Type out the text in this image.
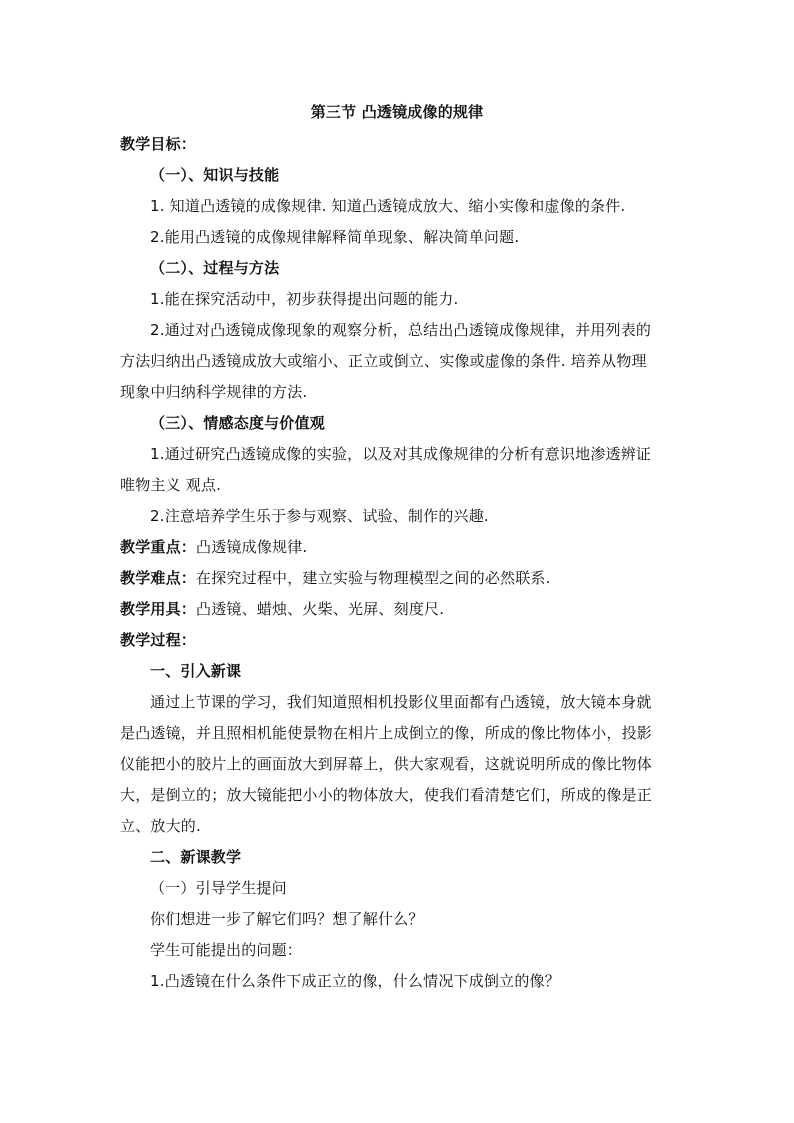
第三节 凸透镜成像的规律
教学目标：
（一）、知识与技能
1. 知道凸透镜的成像规律. 知道凸透镜成放大、缩小实像和虚像的条件.
2.能用凸透镜的成像规律解释简单现象、解决简单问题.
（二）、过程与方法
1.能在探究活动中，初步获得提出问题的能力.
2.通过对凸透镜成像现象的观察分析，总结出凸透镜成像规律，并用列表的
方法归纳出凸透镜成放大或缩小、正立或倒立、实像或虚像的条件. 培养从物理
现象中归纳科学规律的方法.
（三）、情感态度与价值观
1.通过研究凸透镜成像的实验，以及对其成像规律的分析有意识地渗透辨证
唯物主义 观点.
2.注意培养学生乐于参与观察、试验、制作的兴趣.
教学重点：凸透镜成像规律.
教学难点：在探究过程中，建立实验与物理模型之间的必然联系.
教学用具：凸透镜、蜡烛、火柴、光屏、刻度尺.
教学过程：
一、引入新课
通过上节课的学习，我们知道照相机投影仪里面都有凸透镜，放大镜本身就
是凸透镜，并且照相机能使景物在相片上成倒立的像，所成的像比物体小，投影
仪能把小的胶片上的画面放大到屏幕上，供大家观看，这就说明所成的像比物体
大，是倒立的；放大镜能把小小的物体放大，使我们看清楚它们，所成的像是正
立、放大的.
二、新课教学
（一）引导学生提问
你们想进一步了解它们吗？想了解什么？
学生可能提出的问题：
1.凸透镜在什么条件下成正立的像，什么情况下成倒立的像？
